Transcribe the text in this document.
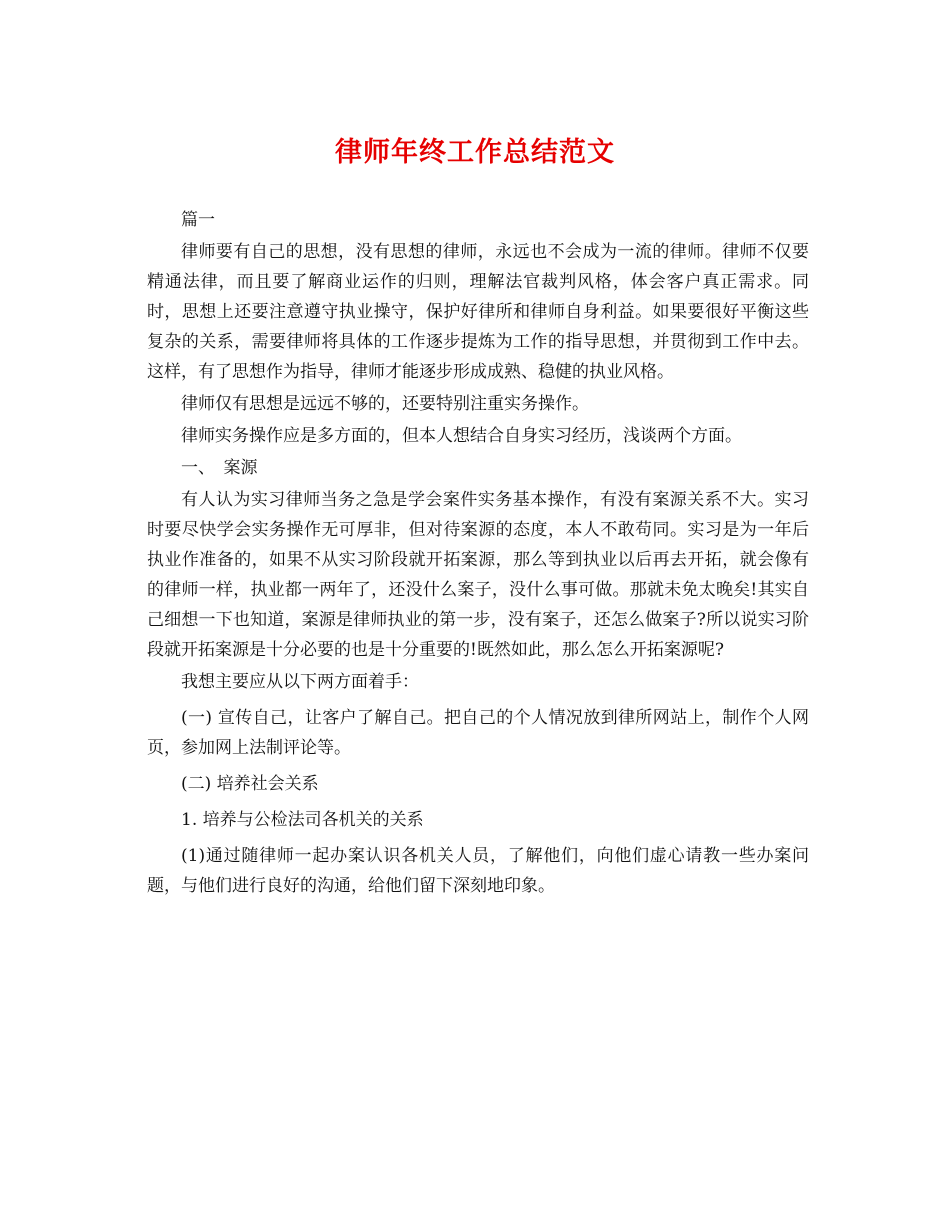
律师年终工作总结范文

篇一

律师要有自己的思想，没有思想的律师，永远也不会成为一流的律师。律师不仅要精通法律，而且要了解商业运作的归则，理解法官裁判风格，体会客户真正需求。同时，思想上还要注意遵守执业操守，保护好律所和律师自身利益。如果要很好平衡这些复杂的关系，需要律师将具体的工作逐步提炼为工作的指导思想，并贯彻到工作中去。这样，有了思想作为指导，律师才能逐步形成成熟、稳健的执业风格。

律师仅有思想是远远不够的，还要特别注重实务操作。

律师实务操作应是多方面的，但本人想结合自身实习经历，浅谈两个方面。

一、　案源

有人认为实习律师当务之急是学会案件实务基本操作，有没有案源关系不大。实习时要尽快学会实务操作无可厚非，但对待案源的态度，本人不敢苟同。实习是为一年后执业作准备的，如果不从实习阶段就开拓案源，那么等到执业以后再去开拓，就会像有的律师一样，执业都一两年了，还没什么案子，没什么事可做。那就未免太晚矣!其实自己细想一下也知道，案源是律师执业的第一步，没有案子，还怎么做案子?所以说实习阶段就开拓案源是十分必要的也是十分重要的!既然如此，那么怎么开拓案源呢?

我想主要应从以下两方面着手：

(一) 宣传自己，让客户了解自己。把自己的个人情况放到律所网站上，制作个人网页，参加网上法制评论等。

(二) 培养社会关系

1. 培养与公检法司各机关的关系

(1)通过随律师一起办案认识各机关人员，了解他们，向他们虚心请教一些办案问题，与他们进行良好的沟通，给他们留下深刻地印象。
